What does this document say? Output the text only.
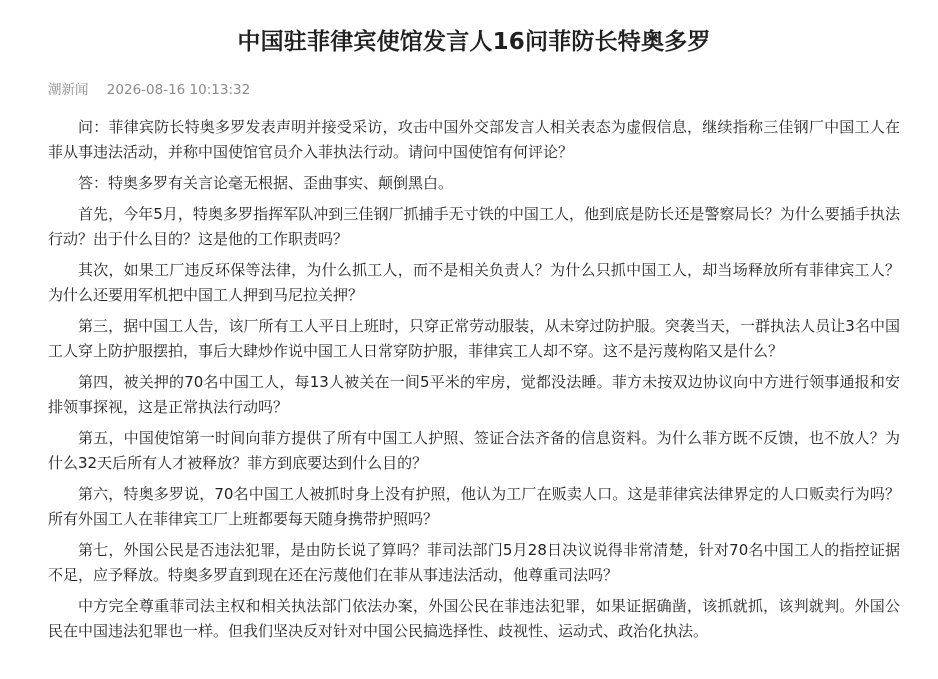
中国驻菲律宾使馆发言人16问菲防长特奥多罗
潮新闻 2026-08-16 10:13:32

问：菲律宾防长特奥多罗发表声明并接受采访，攻击中国外交部发言人相关表态为虚假信息，继续指称三佳钢厂中国工人在菲从事违法活动，并称中国使馆官员介入菲执法行动。请问中国使馆有何评论？

答：特奥多罗有关言论毫无根据、歪曲事实、颠倒黑白。

首先，今年5月，特奥多罗指挥军队冲到三佳钢厂抓捕手无寸铁的中国工人，他到底是防长还是警察局长？为什么要插手执法行动？出于什么目的？这是他的工作职责吗？

其次，如果工厂违反环保等法律，为什么抓工人，而不是相关负责人？为什么只抓中国工人，却当场释放所有菲律宾工人？为什么还要用军机把中国工人押到马尼拉关押？

第三，据中国工人告，该厂所有工人平日上班时，只穿正常劳动服装，从未穿过防护服。突袭当天，一群执法人员让3名中国工人穿上防护服摆拍，事后大肆炒作说中国工人日常穿防护服，菲律宾工人却不穿。这不是污蔑构陷又是什么？

第四，被关押的70名中国工人，每13人被关在一间5平米的牢房，觉都没法睡。菲方未按双边协议向中方进行领事通报和安排领事探视，这是正常执法行动吗？

第五，中国使馆第一时间向菲方提供了所有中国工人护照、签证合法齐备的信息资料。为什么菲方既不反馈，也不放人？为什么32天后所有人才被释放？菲方到底要达到什么目的？

第六，特奥多罗说，70名中国工人被抓时身上没有护照，他认为工厂在贩卖人口。这是菲律宾法律界定的人口贩卖行为吗？所有外国工人在菲律宾工厂上班都要每天随身携带护照吗？

第七，外国公民是否违法犯罪，是由防长说了算吗？菲司法部门5月28日决议说得非常清楚，针对70名中国工人的指控证据不足，应予释放。特奥多罗直到现在还在污蔑他们在菲从事违法活动，他尊重司法吗？

中方完全尊重菲司法主权和相关执法部门依法办案，外国公民在菲违法犯罪，如果证据确凿，该抓就抓，该判就判。外国公民在中国违法犯罪也一样。但我们坚决反对针对中国公民搞选择性、歧视性、运动式、政治化执法。
